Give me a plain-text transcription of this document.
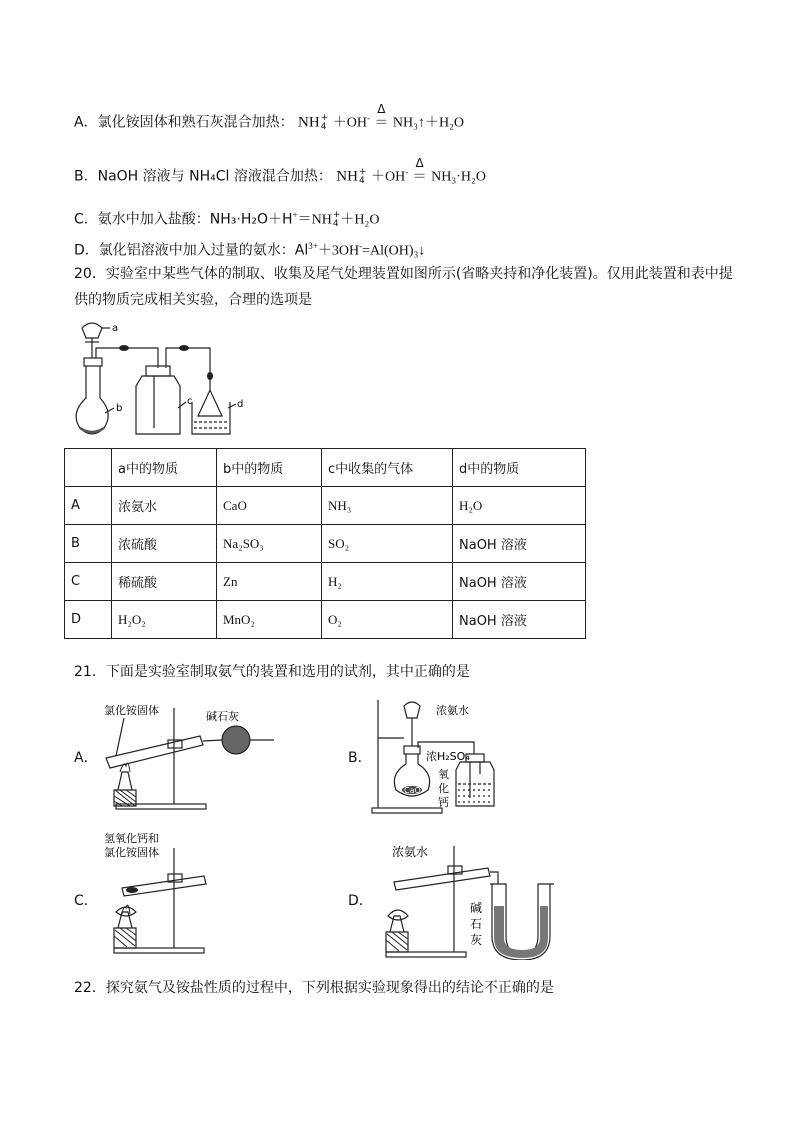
A．氯化铵固体和熟石灰混合加热： NH+
4 ＋OH-
Δ
＝ NH₃↑＋H₂O
B．NaOH 溶液与 NH₄Cl 溶液混合加热： NH+
4 ＋OH-
Δ
＝ NH₃·H₂O
C．氨水中加入盐酸：NH₃·H₂O＋H+＝NH+
4 ＋H₂O
D．氯化铝溶液中加入过量的氨水：$Al^{3+}+3OH^-=Al(OH)_3↓$
20．实验室中某些气体的制取、收集及尾气处理装置如图所示(省略夹持和净化装置)。仅用此装置和表中提
供的物质完成相关实验，合理的选项是
a
b
c	d
	a中的物质	b中的物质	c中收集的气体	d中的物质
A	浓氨水	CaO	NH₃	H₂O
B	浓硫酸	Na₂SO₃	SO₂	NaOH 溶液
C	稀硫酸	Zn	H₂	NaOH 溶液
D	H₂O₂	MnO₂	O₂	NaOH 溶液
21．下面是实验室制取氨气的装置和选用的试剂，其中正确的是
A．
氯化铵固体	碱石灰
B．
浓氨水
浓H₂SO₄
CaO
氧
化
钙
C．
氢氧化钙和
氯化铵固体
D．
浓氨水
碱
石
灰
22．探究氨气及铵盐性质的过程中，下列根据实验现象得出的结论不正确的是
